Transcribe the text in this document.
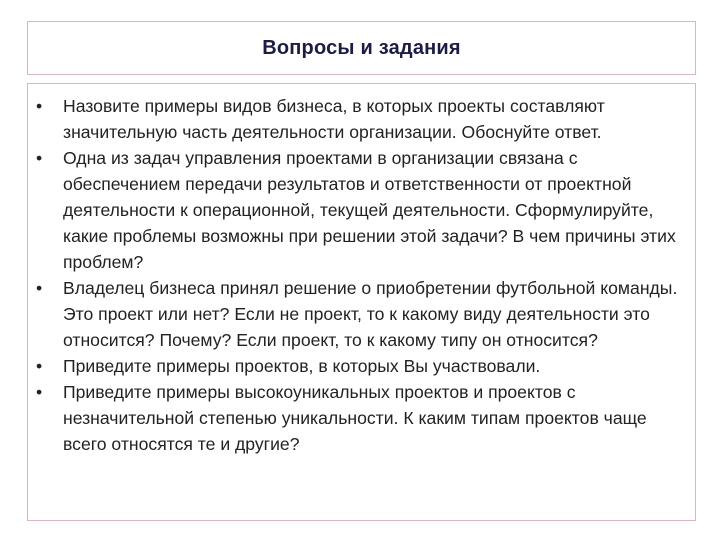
Вопросы и задания
•	Назовите примеры видов бизнеса, в которых проекты составляют значительную часть деятельности организации. Обоснуйте ответ.
•	Одна из задач управления проектами в организации связана с обеспечением передачи результатов и ответственности от проектной деятельности к операционной, текущей деятельности. Сформулируйте, какие проблемы возможны при решении этой задачи? В чем причины этих проблем?
•	Владелец бизнеса принял решение о приобретении футбольной команды. Это проект или нет? Если не проект, то к какому виду деятельности это относится? Почему? Если проект, то к какому типу он относится?
•	Приведите примеры проектов, в которых Вы участвовали.
•	Приведите примеры высокоуникальных проектов и проектов с незначительной степенью уникальности. К каким типам проектов чаще всего относятся те и другие?
